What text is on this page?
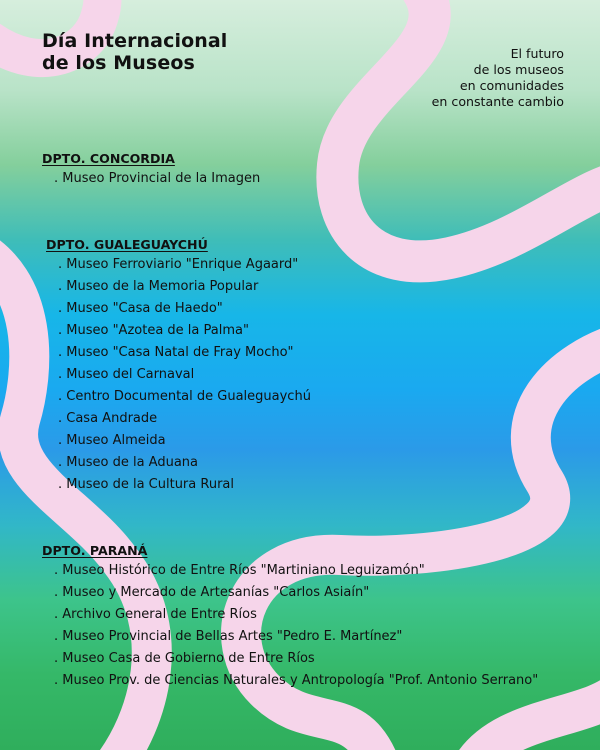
Día Internacional
de los Museos	El futuro
de los museos
en comunidades
en constante cambio
DPTO. CONCORDIA
. Museo Provincial de la Imagen
DPTO. GUALEGUAYCHÚ
. Museo Ferroviario "Enrique Agaard"
. Museo de la Memoria Popular
. Museo "Casa de Haedo"
. Museo "Azotea de la Palma"
. Museo "Casa Natal de Fray Mocho"
. Museo del Carnaval
. Centro Documental de Gualeguaychú
. Casa Andrade
. Museo Almeida
. Museo de la Aduana
. Museo de la Cultura Rural
DPTO. PARANÁ
. Museo Histórico de Entre Ríos "Martiniano Leguizamón"
. Museo y Mercado de Artesanías "Carlos Asiaín"
. Archivo General de Entre Ríos
. Museo Provincial de Bellas Artes "Pedro E. Martínez"
. Museo Casa de Gobierno de Entre Ríos
. Museo Prov. de Ciencias Naturales y Antropología "Prof. Antonio Serrano"
